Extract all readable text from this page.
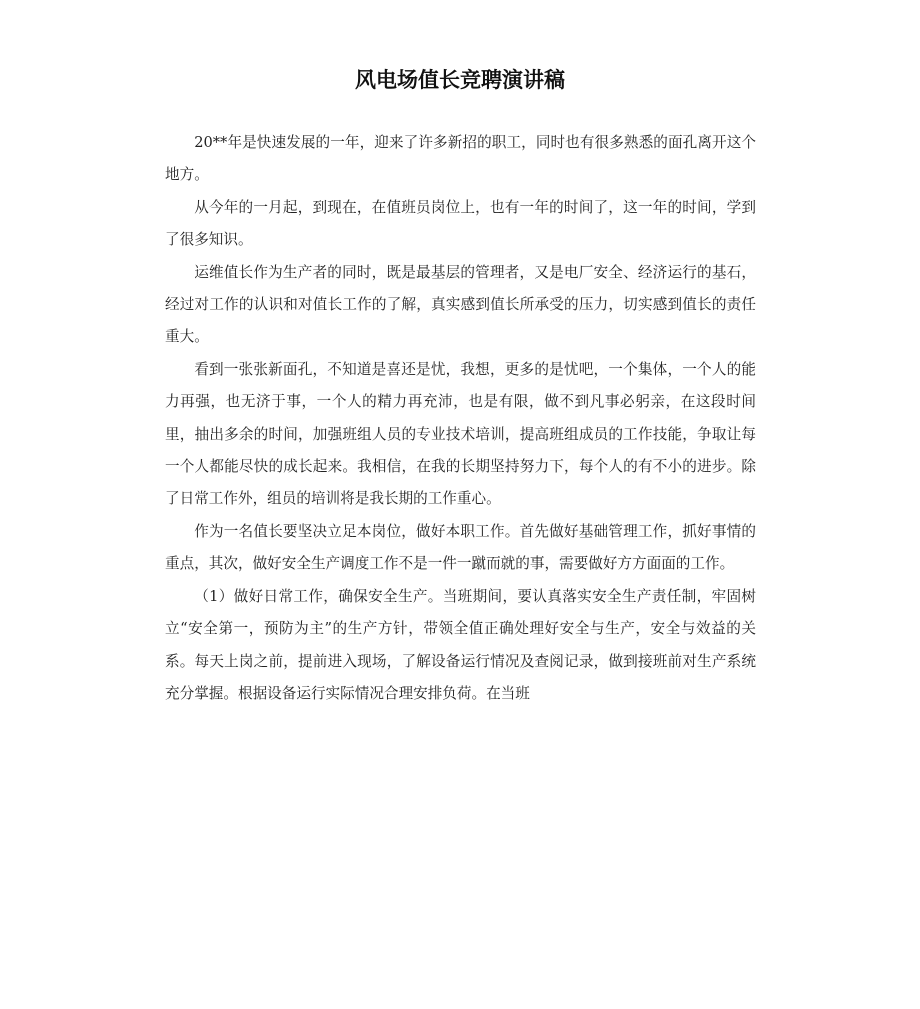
风电场值长竞聘演讲稿

20**年是快速发展的一年，迎来了许多新招的职工，同时也有很多熟悉的面孔离开这个地方。

从今年的一月起，到现在，在值班员岗位上，也有一年的时间了，这一年的时间，学到了很多知识。

运维值长作为生产者的同时，既是最基层的管理者，又是电厂安全、经济运行的基石，经过对工作的认识和对值长工作的了解，真实感到值长所承受的压力，切实感到值长的责任重大。

看到一张张新面孔，不知道是喜还是忧，我想，更多的是忧吧，一个集体，一个人的能力再强，也无济于事，一个人的精力再充沛，也是有限，做不到凡事必躬亲，在这段时间里，抽出多余的时间，加强班组人员的专业技术培训，提高班组成员的工作技能，争取让每一个人都能尽快的成长起来。我相信，在我的长期坚持努力下，每个人的有不小的进步。除了日常工作外，组员的培训将是我长期的工作重心。

作为一名值长要坚决立足本岗位，做好本职工作。首先做好基础管理工作，抓好事情的重点，其次，做好安全生产调度工作不是一件一蹴而就的事，需要做好方方面面的工作。

（1）做好日常工作，确保安全生产。当班期间，要认真落实安全生产责任制，牢固树立“安全第一，预防为主”的生产方针，带领全值正确处理好安全与生产，安全与效益的关系。每天上岗之前，提前进入现场，了解设备运行情况及查阅记录，做到接班前对生产系统充分掌握。根据设备运行实际情况合理安排负荷。在当班
